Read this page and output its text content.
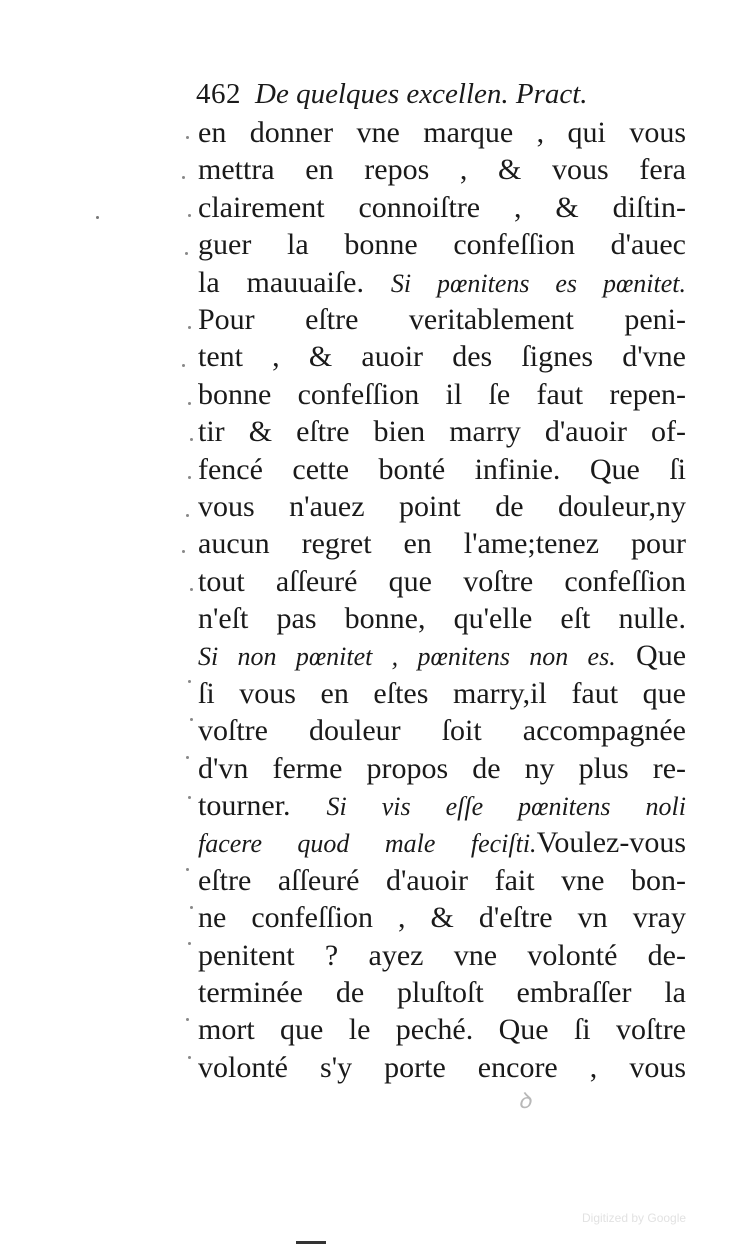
462 De quelques excellen. Pract.
en donner vne marque , qui vous
mettra en repos , & vous fera
clairement connoiſtre , & diſtin-
guer la bonne confeſſion d'auec
la mauuaiſe. Si pœnitens es pœnitet.
Pour eſtre veritablement peni-
tent , & auoir des ſignes d'vne
bonne confeſſion il ſe faut repen-
tir & eſtre bien marry d'auoir of-
fencé cette bonté infinie. Que ſi
vous n'auez point de douleur,ny
aucun regret en l'ame;tenez pour
tout aſſeuré que voſtre confeſſion
n'eſt pas bonne, qu'elle eſt nulle.
Si non pœnitet , pœnitens non es. Que
ſi vous en eſtes marry,il faut que
voſtre douleur ſoit accompagnée
d'vn ferme propos de ny plus re-
tourner. Si vis eſſe pœnitens noli
facere quod male feciſti.Voulez-vous
eſtre aſſeuré d'auoir fait vne bon-
ne confeſſion , & d'eſtre vn vray
penitent ? ayez vne volonté de-
terminée de pluſtoſt embraſſer la
mort que le peché. Que ſi voſtre
volonté s'y porte encore , vous
ꝺ
Digitized by Google
